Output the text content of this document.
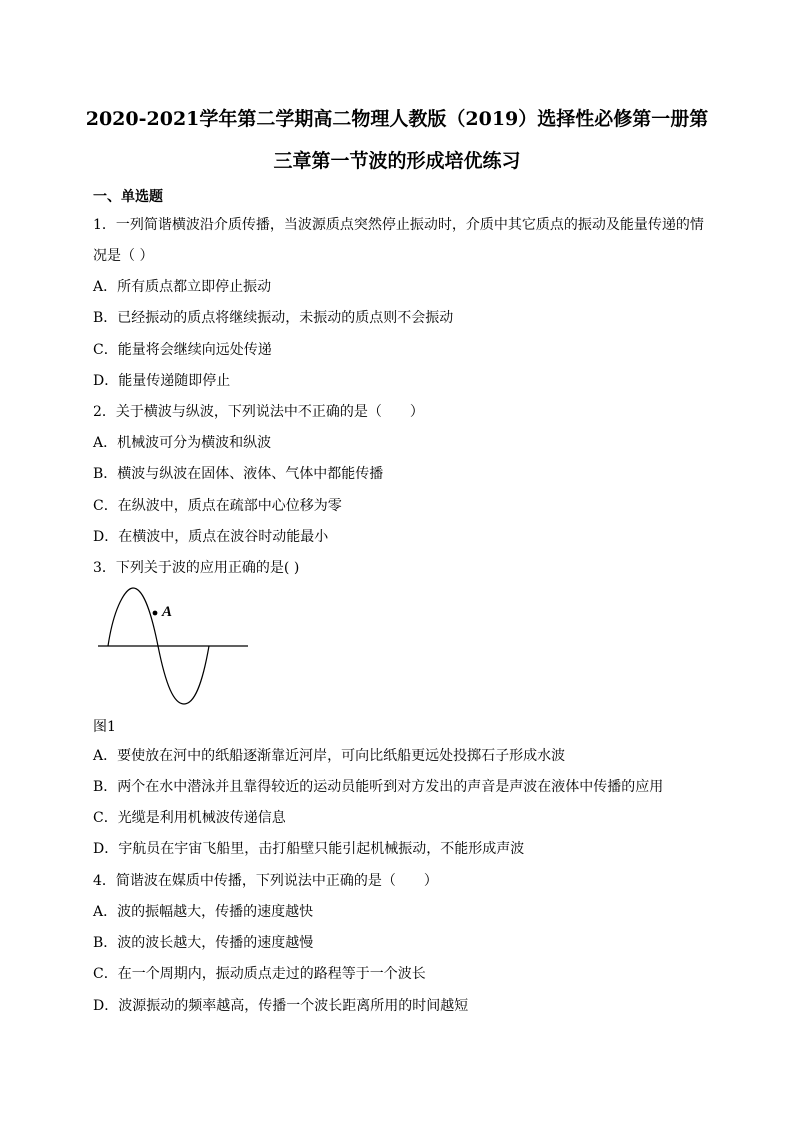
2020-2021学年第二学期高二物理人教版（2019）选择性必修第一册第
三章第一节波的形成培优练习
一、单选题
1．一列简谐横波沿介质传播，当波源质点突然停止振动时，介质中其它质点的振动及能量传递的情
况是（ ）
A．所有质点都立即停止振动
B．已经振动的质点将继续振动，未振动的质点则不会振动
C．能量将会继续向远处传递
D．能量传递随即停止
2．关于横波与纵波，下列说法中不正确的是（　　）
A．机械波可分为横波和纵波
B．横波与纵波在固体、液体、气体中都能传播
C．在纵波中，质点在疏部中心位移为零
D．在横波中，质点在波谷时动能最小
3．下列关于波的应用正确的是( )
A
图1
A．要使放在河中的纸船逐渐靠近河岸，可向比纸船更远处投掷石子形成水波
B．两个在水中潜泳并且靠得较近的运动员能听到对方发出的声音是声波在液体中传播的应用
C．光缆是利用机械波传递信息
D．宇航员在宇宙飞船里，击打船壁只能引起机械振动，不能形成声波
4．简谐波在媒质中传播，下列说法中正确的是（　　）
A．波的振幅越大，传播的速度越快
B．波的波长越大，传播的速度越慢
C．在一个周期内，振动质点走过的路程等于一个波长
D．波源振动的频率越高，传播一个波长距离所用的时间越短
